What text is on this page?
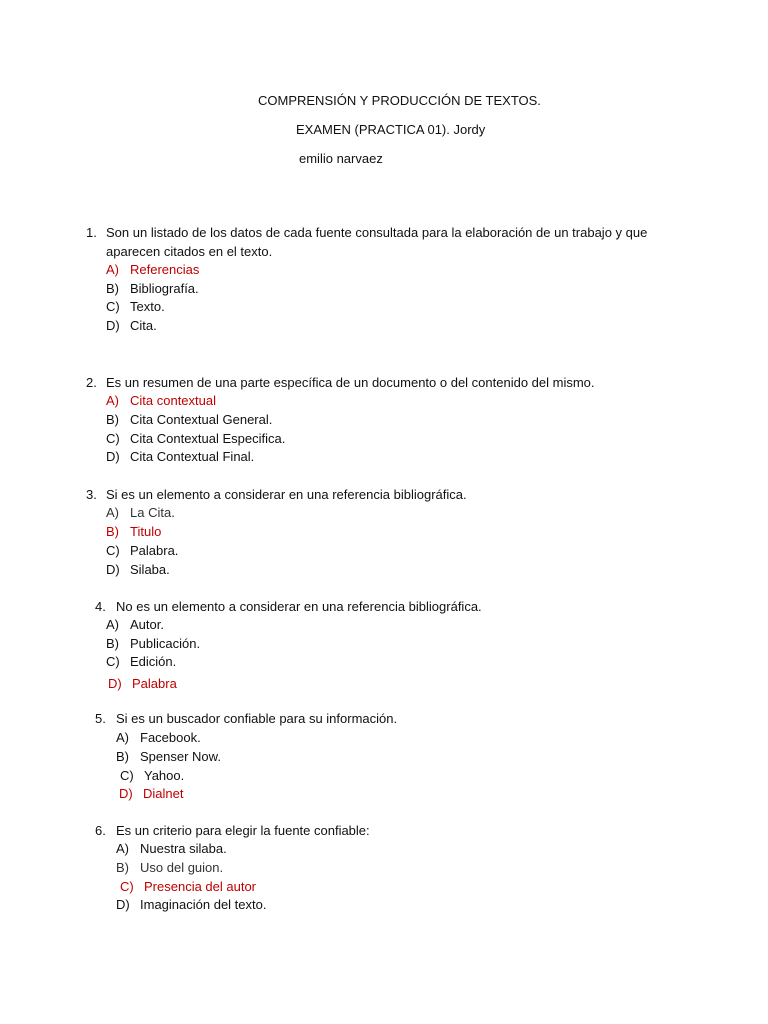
COMPRENSIÓN Y PRODUCCIÓN DE TEXTOS.
EXAMEN (PRACTICA 01). Jordy
emilio narvaez
1. Son un listado de los datos de cada fuente consultada para la elaboración de un trabajo y que
aparecen citados en el texto.
A) Referencias
B) Bibliografía.
C) Texto.
D) Cita.
2. Es un resumen de una parte específica de un documento o del contenido del mismo.
A) Cita contextual
B) Cita Contextual General.
C) Cita Contextual Especifica.
D) Cita Contextual Final.
3. Si es un elemento a considerar en una referencia bibliográfica.
A) La Cita.
B) Titulo
C) Palabra.
D) Silaba.
4. No es un elemento a considerar en una referencia bibliográfica.
A) Autor.
B) Publicación.
C) Edición.
D) Palabra
5. Si es un buscador confiable para su información.
A) Facebook.
B) Spenser Now.
C) Yahoo.
D) Dialnet
6. Es un criterio para elegir la fuente confiable:
A) Nuestra silaba.
B) Uso del guion.
C) Presencia del autor
D) Imaginación del texto.
